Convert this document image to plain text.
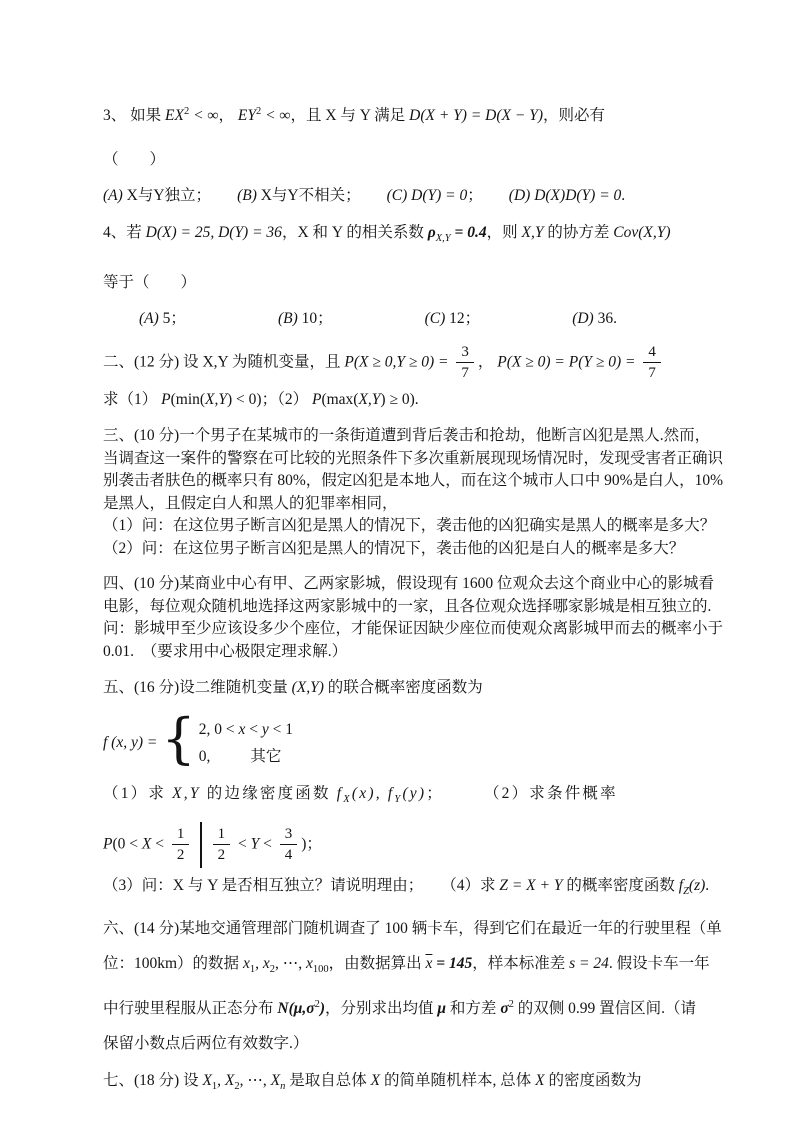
3、 如果 $EX^2$ < ∞， $EY^2$ < ∞，且 X 与 Y 满足 D(X + Y) = D(X − Y)，则必有
（　　）
(A) X与Y独立； (B) X与Y不相关； (C) D(Y) = 0； (D) D(X)D(Y) = 0.
4、若 D(X) = 25, D(Y) = 36，X 和 Y 的相关系数 $\rho_{X,Y} = 0.4$，则 X,Y 的协方差 Cov(X,Y)
等于（　　）
(A) 5；	(B) 10；	(C) 12；	(D) 36.
二、(12 分) 设 X,Y 为随机变量，且 $P(X \ge 0,Y \ge 0) = \frac{3}{7}$ ， $P(X \ge 0) = P(Y \ge 0) = \frac{4}{7}$
求（1） P(min(X,Y) < 0)；（2） P(max(X,Y) ≥ 0).
三、(10 分)一个男子在某城市的一条街道遭到背后袭击和抢劫，他断言凶犯是黑人.然而，
当调查这一案件的警察在可比较的光照条件下多次重新展现现场情况时，发现受害者正确识
别袭击者肤色的概率只有 80%，假定凶犯是本地人，而在这个城市人口中 90%是白人，10%
是黑人，且假定白人和黑人的犯罪率相同，
（1）问：在这位男子断言凶犯是黑人的情况下，袭击他的凶犯确实是黑人的概率是多大？
（2）问：在这位男子断言凶犯是黑人的情况下，袭击他的凶犯是白人的概率是多大？
四、(10 分)某商业中心有甲、乙两家影城，假设现有 1600 位观众去这个商业中心的影城看
电影，每位观众随机地选择这两家影城中的一家，且各位观众选择哪家影城是相互独立的.
问：影城甲至少应该设多少个座位，才能保证因缺少座位而使观众离影城甲而去的概率小于
0.01.　（要求用中心极限定理求解.）
五、(16 分)设二维随机变量 (X,Y) 的联合概率密度函数为
f (x, y) = { 2, 0 < x < y < 1
0,	其它
（1）求 X,Y 的边缘密度函数 $f_X(x)$, $f_Y(y)$；	（2）求条件概率
$P(0 < X < \frac{1}{2} \frac{1}{2} < Y < \frac{3}{4}$ )；
（3）问：X 与 Y 是否相互独立？请说明理由； （4）求 Z = X + Y 的概率密度函数 $f_Z(z)$.
六、(14 分)某地交通管理部门随机调查了 100 辆卡车，得到它们在最近一年的行驶里程（单
位：100km）的数据 $x_1$, $x_2$, ⋯, $x_{100}$，由数据算出 $\overline{x} = 145$，样本标准差 s = 24. 假设卡车一年
中行驶里程服从正态分布 $N(\mu,\sigma^2)$，分别求出均值 μ 和方差 $\sigma^2$ 的双侧 0.99 置信区间.（请
保留小数点后两位有效数字.）
七、(18 分) 设 $X_1$, $X_2$, ⋯, $X_n$ 是取自总体 X 的简单随机样本, 总体 X 的密度函数为
